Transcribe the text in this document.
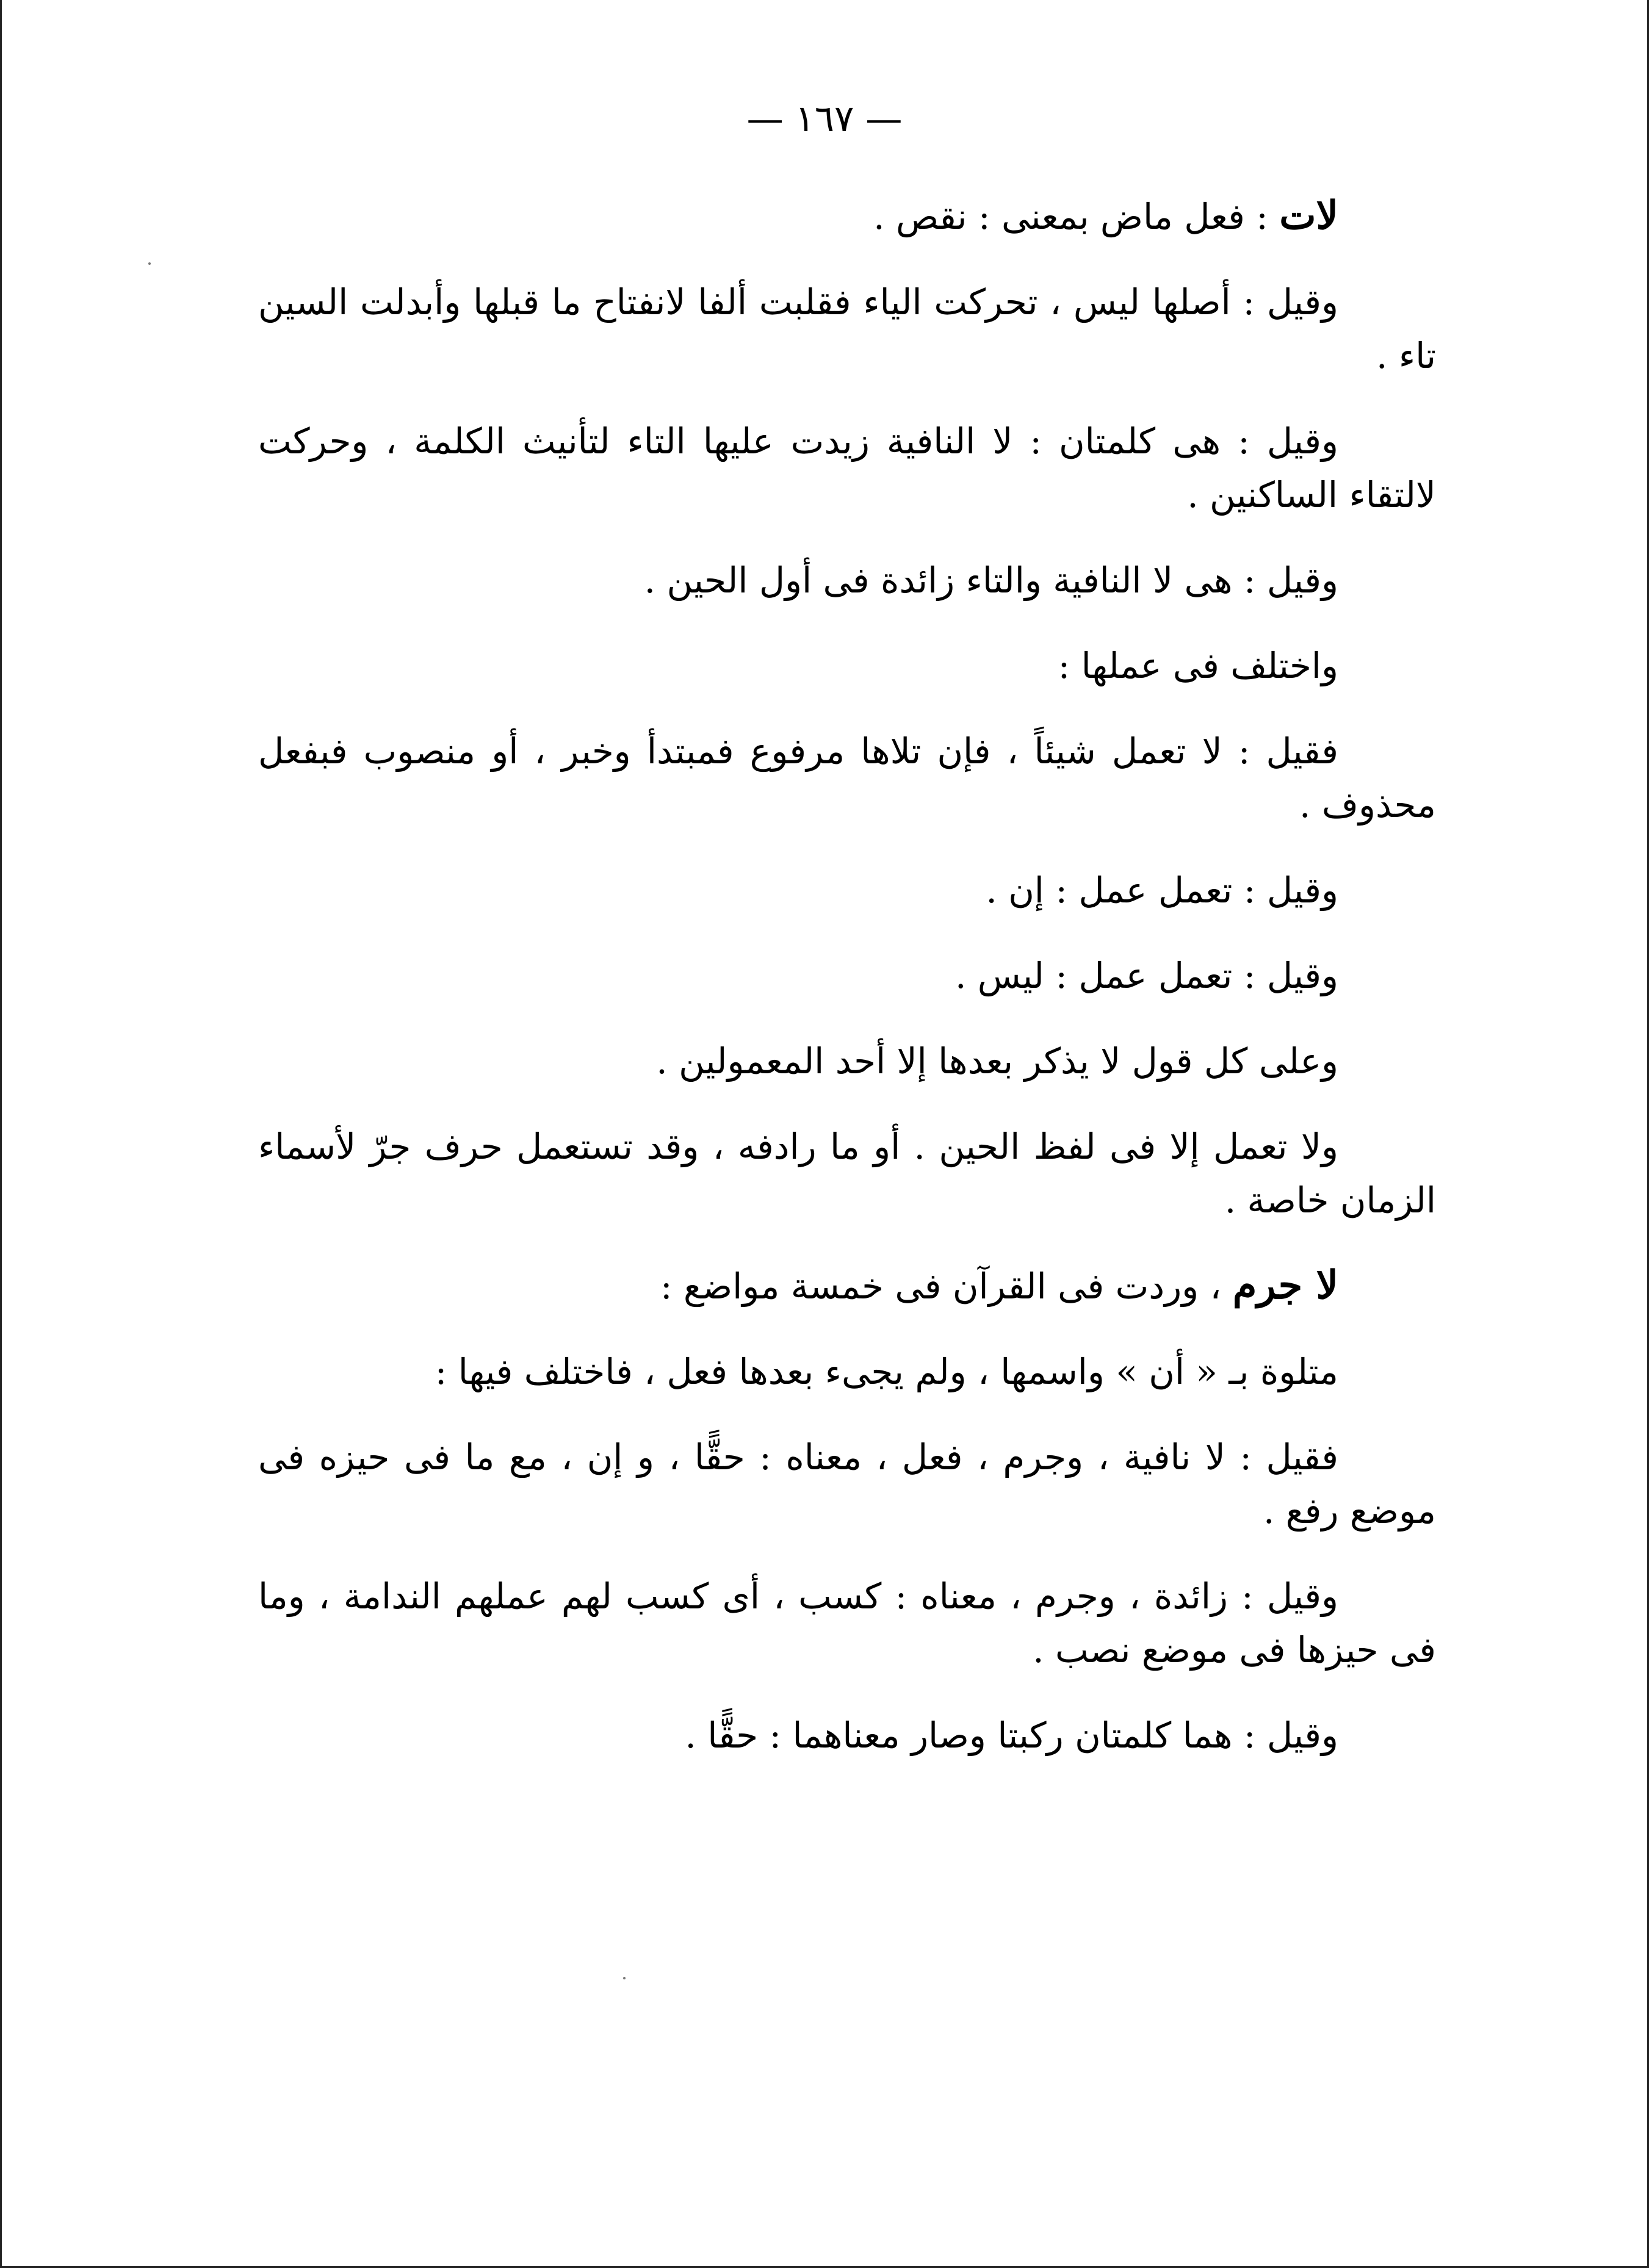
— ١٦٧ —

لات : فعل ماض بمعنى : نقص .

وقيل : أصلها ليس ، تحركت الياء فقلبت ألفا لانفتاح ما قبلها وأبدلت السين تاء .

وقيل : هى كلمتان : لا النافية زيدت عليها التاء لتأنيث الكلمة ، وحركت لالتقاء الساكنين .

وقيل : هى لا النافية والتاء زائدة فى أول الحين .

واختلف فى عملها :

فقيل : لا تعمل شيئاً ، فإن تلاها مرفوع فمبتدأ وخبر ، أو منصوب فبفعل محذوف .

وقيل : تعمل عمل : إن .

وقيل : تعمل عمل : ليس .

وعلى كل قول لا يذكر بعدها إلا أحد المعمولين .

ولا تعمل إلا فى لفظ الحين . أو ما رادفه ، وقد تستعمل حرف جرّ لأسماء الزمان خاصة .

لا جرم ، وردت فى القرآن فى خمسة مواضع :

متلوة بـ « أن » واسمها ، ولم يجىء بعدها فعل ، فاختلف فيها :

فقيل : لا نافية ، وجرم ، فعل ، معناه : حقًّا ، و إن ، مع ما فى حيزه فى موضع رفع .

وقيل : زائدة ، وجرم ، معناه : كسب ، أى كسب لهم عملهم الندامة ، وما فى حيزها فى موضع نصب .

وقيل : هما كلمتان ركبتا وصار معناهما : حقًّا .
